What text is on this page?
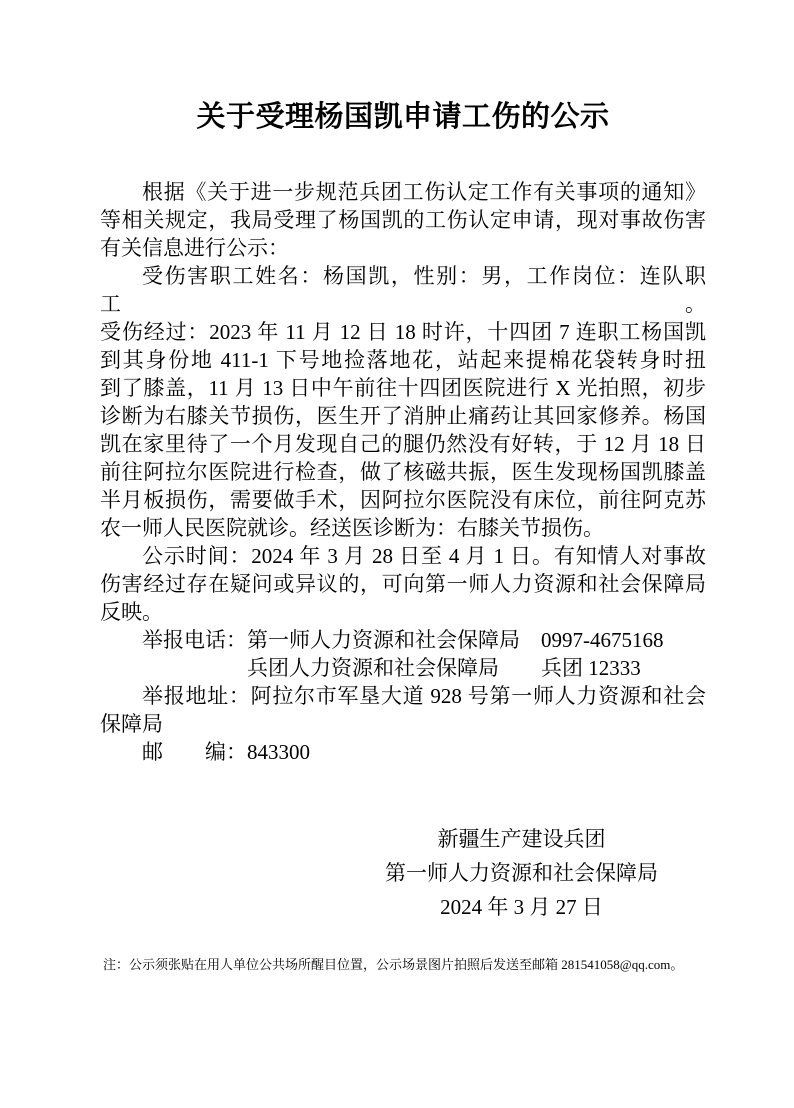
关于受理杨国凯申请工伤的公示
根据《关于进一步规范兵团工伤认定工作有关事项的通知》
等相关规定，我局受理了杨国凯的工伤认定申请，现对事故伤害
有关信息进行公示：
受伤害职工姓名：杨国凯，性别：男，工作岗位：连队职工。
受伤经过：2023 年 11 月 12 日 18 时许，十四团 7 连职工杨国凯
到其身份地 411-1 下号地捡落地花，站起来提棉花袋转身时扭
到了膝盖，11 月 13 日中午前往十四团医院进行 X 光拍照，初步
诊断为右膝关节损伤，医生开了消肿止痛药让其回家修养。杨国
凯在家里待了一个月发现自己的腿仍然没有好转，于 12 月 18 日
前往阿拉尔医院进行检查，做了核磁共振，医生发现杨国凯膝盖
半月板损伤，需要做手术，因阿拉尔医院没有床位，前往阿克苏
农一师人民医院就诊。经送医诊断为：右膝关节损伤。
公示时间：2024 年 3 月 28 日至 4 月 1 日。有知情人对事故
伤害经过存在疑问或异议的，可向第一师人力资源和社会保障局
反映。
举报电话：第一师人力资源和社会保障局　0997-4675168
　　　　　兵团人力资源和社会保障局　　兵团 12333
举报地址：阿拉尔市军垦大道 928 号第一师人力资源和社会
保障局
邮　　编：843300
新疆生产建设兵团
第一师人力资源和社会保障局
2024 年 3 月 27 日
注：公示须张贴在用人单位公共场所醒目位置，公示场景图片拍照后发送至邮箱 281541058@qq.com。
